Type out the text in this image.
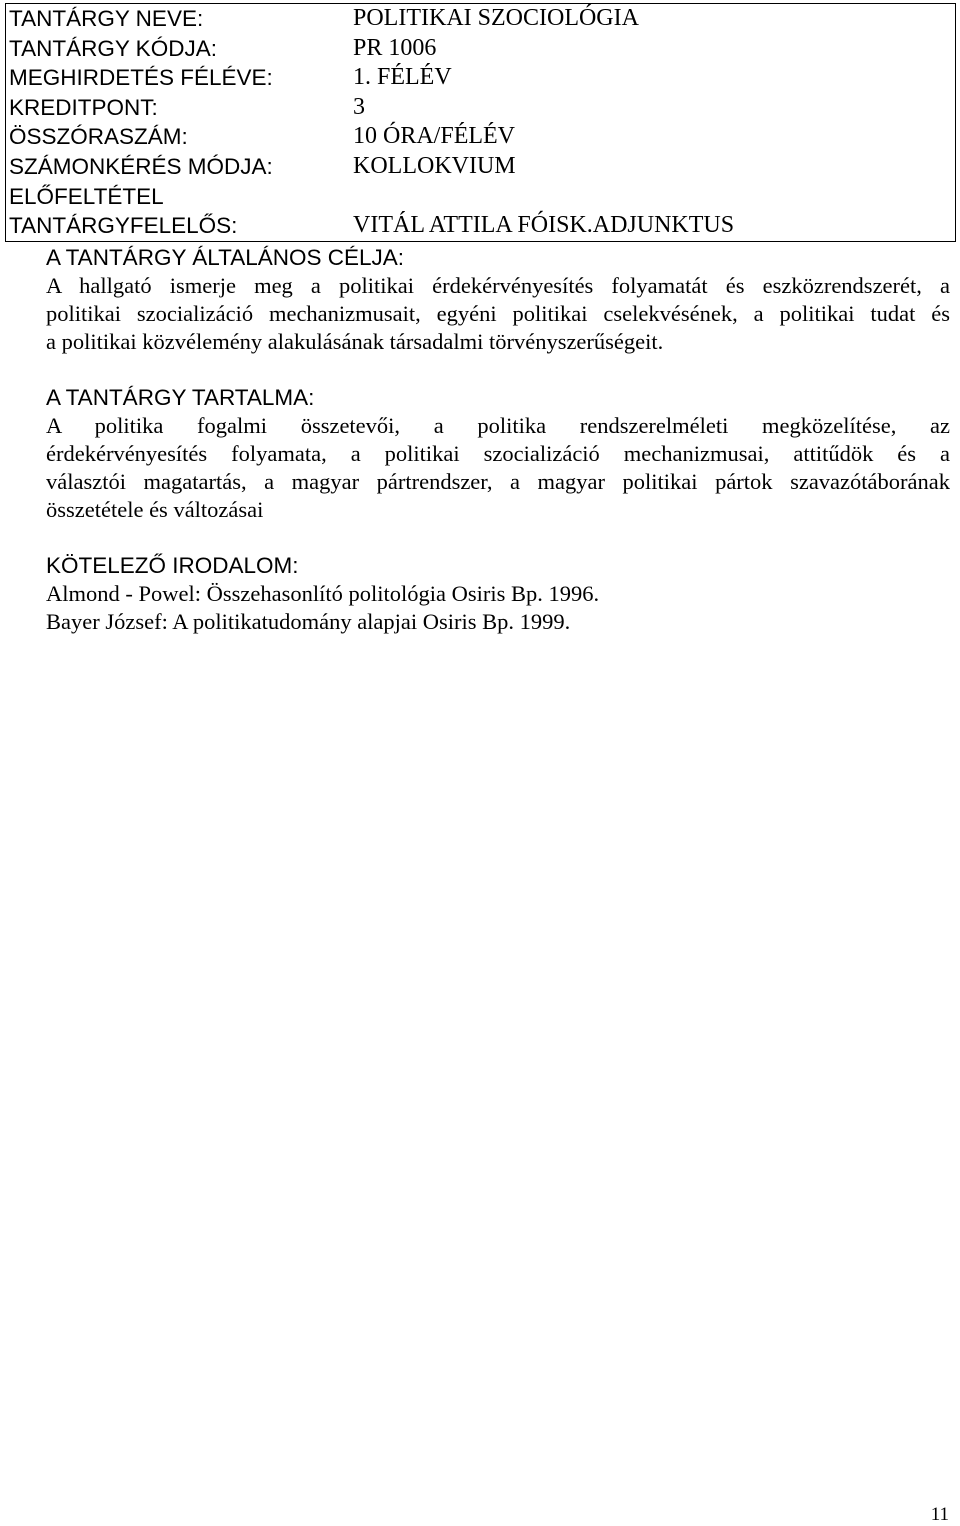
TANTÁRGY NEVE:	POLITIKAI SZOCIOLÓGIA
TANTÁRGY KÓDJA:	PR 1006
MEGHIRDETÉS FÉLÉVE:	1. FÉLÉV
KREDITPONT:	3
ÖSSZÓRASZÁM:	10 ÓRA/FÉLÉV
SZÁMONKÉRÉS MÓDJA:	KOLLOKVIUM
ELŐFELTÉTEL	
TANTÁRGYFELELŐS:	VITÁL ATTILA FÓISK.ADJUNKTUS

A TANTÁRGY ÁLTALÁNOS CÉLJA:

A hallgató ismerje meg a politikai érdekérvényesítés folyamatát és eszközrendszerét, a
politikai szocializáció mechanizmusait, egyéni politikai cselekvésének, a politikai tudat és
a politikai közvélemény alakulásának társadalmi törvényszerűségeit.

A TANTÁRGY TARTALMA:

A politika fogalmi összetevői, a politika rendszerelméleti megközelítése, az
érdekérvényesítés folyamata, a politikai szocializáció mechanizmusai, attitűdök és a
választói magatartás, a magyar pártrendszer, a magyar politikai pártok szavazótáborának
összetétele és változásai

KÖTELEZŐ IRODALOM:

Almond - Powel: Összehasonlító politológia Osiris Bp. 1996.

Bayer József: A politikatudomány alapjai Osiris Bp. 1999.

11
